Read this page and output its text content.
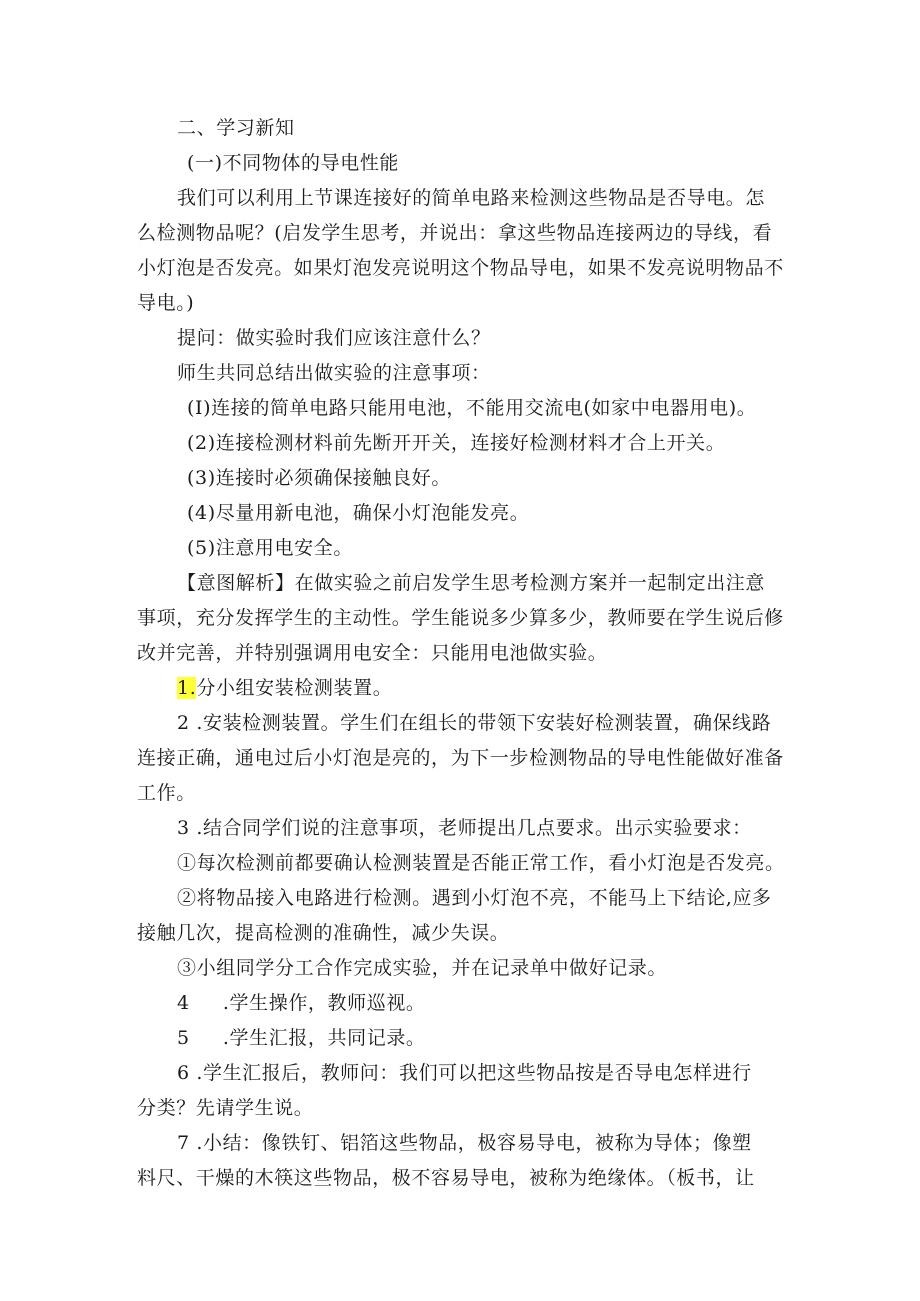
二、学习新知
(一)不同物体的导电性能
我们可以利用上节课连接好的简单电路来检测这些物品是否导电。怎
么检测物品呢？(启发学生思考，并说出：拿这些物品连接两边的导线，看
小灯泡是否发亮。如果灯泡发亮说明这个物品导电，如果不发亮说明物品不
导电。)
提问：做实验时我们应该注意什么？
师生共同总结出做实验的注意事项：
(I)连接的简单电路只能用电池，不能用交流电(如家中电器用电)。
(2)连接检测材料前先断开开关，连接好检测材料才合上开关。
(3)连接时必须确保接触良好。
(4)尽量用新电池，确保小灯泡能发亮。
(5)注意用电安全。
【意图解析】在做实验之前启发学生思考检测方案并一起制定出注意
事项，充分发挥学生的主动性。学生能说多少算多少，教师要在学生说后修
改并完善，并特别强调用电安全：只能用电池做实验。
1.分小组安装检测装置。
2 .安装检测装置。学生们在组长的带领下安装好检测装置，确保线路
连接正确，通电过后小灯泡是亮的，为下一步检测物品的导电性能做好准备
工作。
3 .结合同学们说的注意事项，老师提出几点要求。出示实验要求：
①每次检测前都要确认检测装置是否能正常工作，看小灯泡是否发亮。
②将物品接入电路进行检测。遇到小灯泡不亮，不能马上下结论,应多
接触几次，提高检测的准确性，减少失误。
③小组同学分工合作完成实验，并在记录单中做好记录。
4     .学生操作，教师巡视。
5     .学生汇报，共同记录。
6 .学生汇报后，教师问：我们可以把这些物品按是否导电怎样进行
分类？先请学生说。
7 .小结：像铁钉、铝箔这些物品，极容易导电，被称为导体；像塑
料尺、干燥的木筷这些物品，极不容易导电，被称为绝缘体。（板书，让
